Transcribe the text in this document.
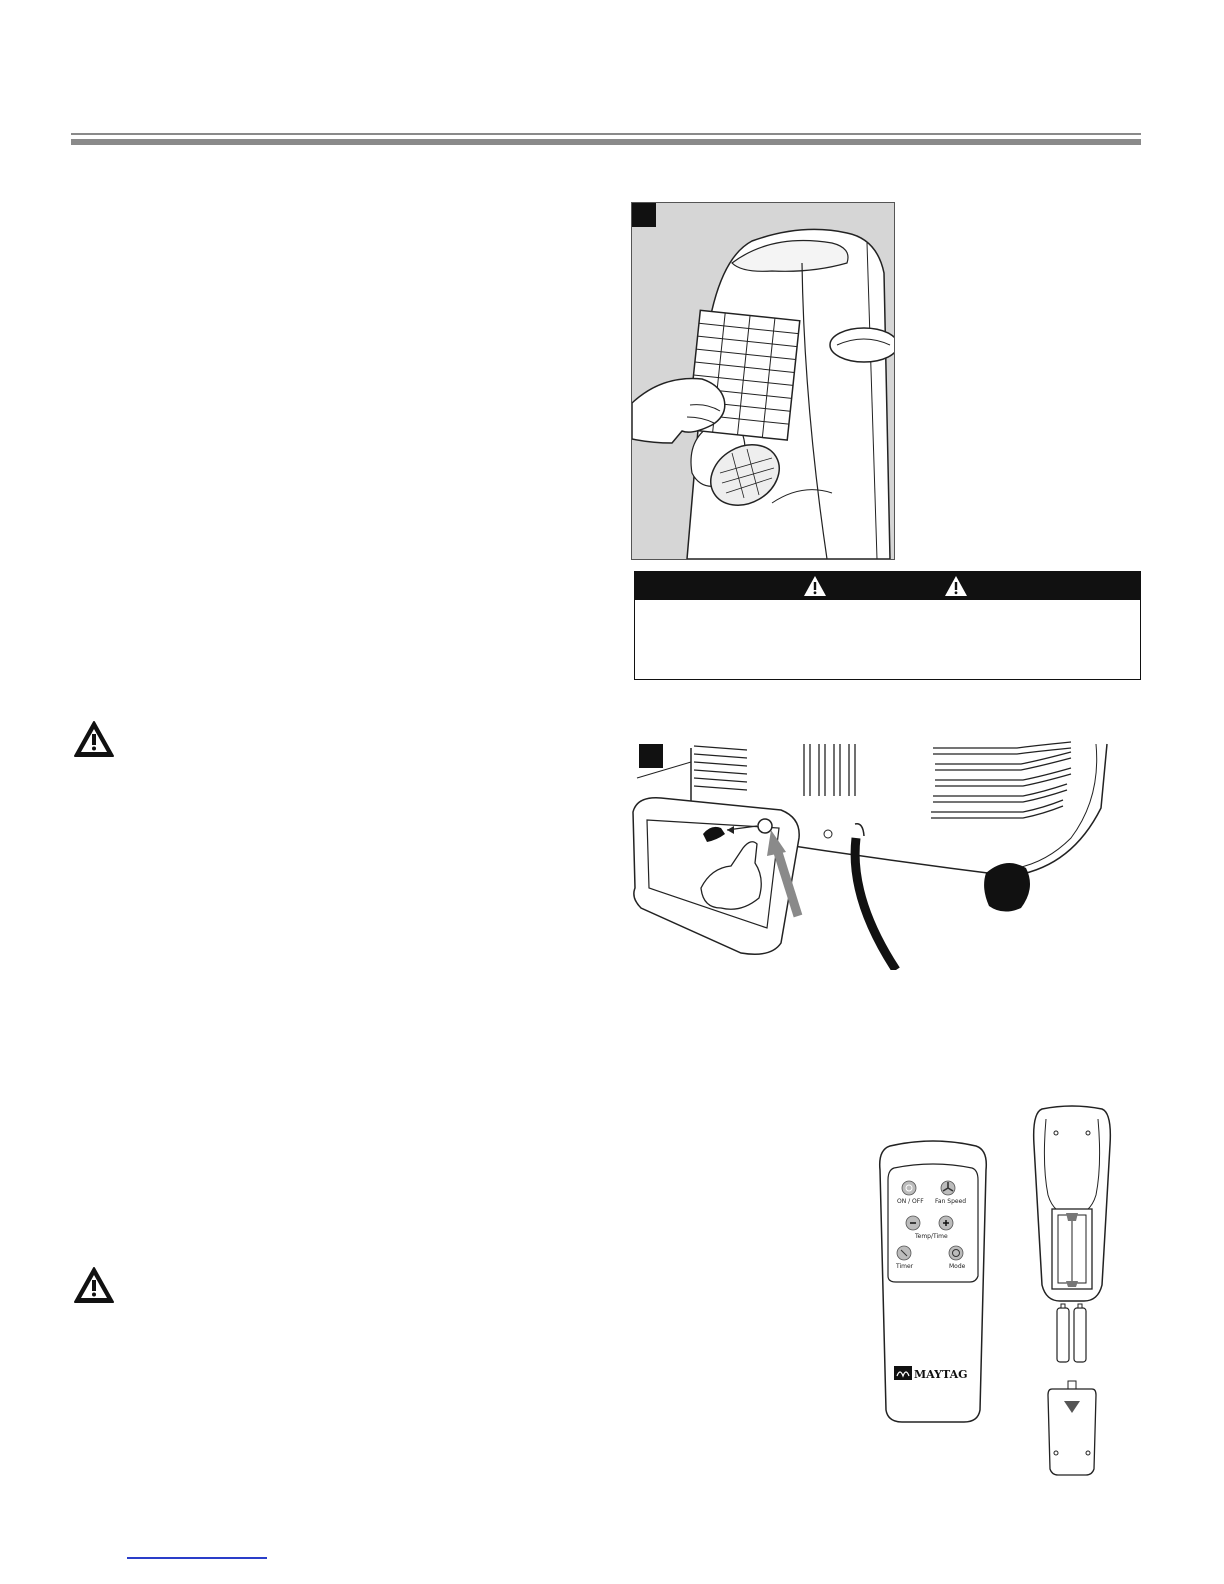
ON / OFF Fan Speed
Temp/Time
Timer	Mode
MAYTAG
